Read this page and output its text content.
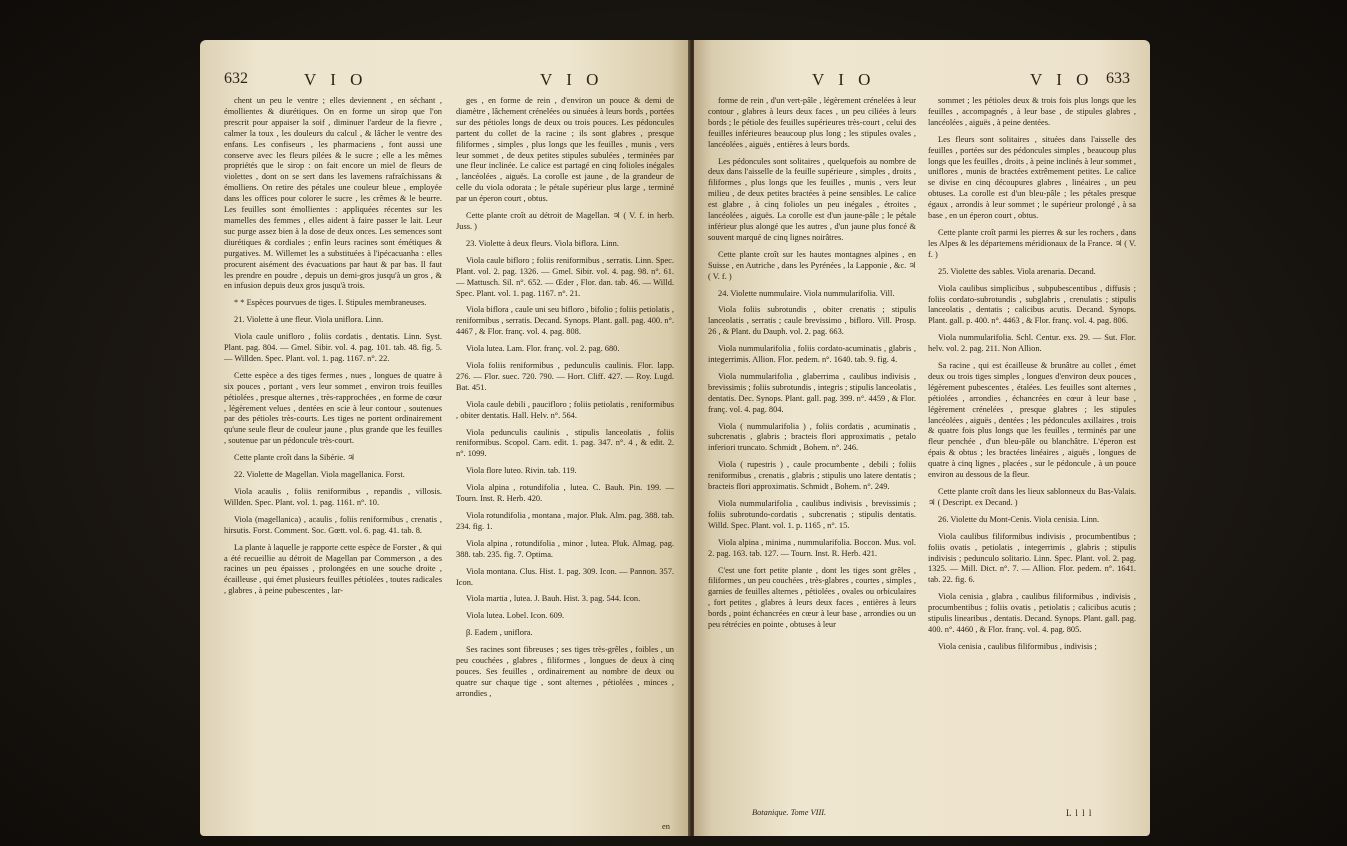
632	V I O	V I O

chent un peu le ventre ; elles deviennent , en séchant , émollientes & diurétiques. On en forme un sirop que l'on prescrit pour appaiser la soif , diminuer l'ardeur de la fievre , calmer la toux , les douleurs du calcul , & lâcher le ventre des enfans. Les confiseurs , les pharmaciens , font aussi une conserve avec les fleurs pilées & le sucre ; elle a les mêmes propriétés que le sirop : on fait encore un miel de fleurs de violettes , dont on se sert dans les lavemens rafraîchissans & émolliens. On retire des pétales une couleur bleue , employée dans les offices pour colorer le sucre , les crêmes & le beurre. Les feuilles sont émollientes : appliquées récentes sur les mamelles des femmes , elles aident à faire passer le lait. Leur suc purge assez bien à la dose de deux onces. Les semences sont diurétiques & cordiales ; enfin leurs racines sont émétiques & purgatives. M. Willemet les a substituées à l'ipécacuanha : elles procurent aisément des évacuations par haut & par bas. Il faut les prendre en poudre , depuis un demi-gros jusqu'à un gros , & en infusion depuis deux gros jusqu'à trois.

* * Espèces pourvues de tiges. I. Stipules membraneuses.

21. Violette à une fleur. Viola uniflora. Linn.

Viola caule unifloro , foliis cordatis , dentatis. Linn. Syst. Plant. pag. 804. — Gmel. Sibir. vol. 4. pag. 101. tab. 48. fig. 5. — Willden. Spec. Plant. vol. 1. pag. 1167. n°. 22.

Cette espèce a des tiges fermes , nues , longues de quatre à six pouces , portant , vers leur sommet , environ trois feuilles pétiolées , presque alternes , très-rapprochées , en forme de cœur , légèrement velues , dentées en scie à leur contour , soutenues par des pétioles très-courts. Les tiges ne portent ordinairement qu'une seule fleur de couleur jaune , plus grande que les feuilles , soutenue par un pédoncule très-court.

Cette plante croît dans la Sibérie. ♃

22. Violette de Magellan. Viola magellanica. Forst.

Viola acaulis , foliis reniformibus , repandis , villosis. Willden. Spec. Plant. vol. 1. pag. 1161. n°. 10.

Viola (magellanica) , acaulis , foliis reniformibus , crenatis , hirsutis. Forst. Comment. Soc. Gœtt. vol. 6. pag. 41. tab. 8.

La plante à laquelle je rapporte cette espèce de Forster , & qui a été recueillie au détroit de Magellan par Commerson , a des racines un peu épaisses , prolongées en une souche droite , écailleuse , qui émet plusieurs feuilles pétiolées , toutes radicales , glabres , à peine pubescentes , lar-

ges , en forme de rein , d'environ un pouce & demi de diamètre , lâchement crénelées ou sinuées à leurs bords , portées sur des pétioles longs de deux ou trois pouces. Les pédoncules partent du collet de la racine ; ils sont glabres , presque filiformes , simples , plus longs que les feuilles , munis , vers leur sommet , de deux petites stipules subulées , terminées par une fleur inclinée. Le calice est partagé en cinq folioles inégales , lancéolées , aiguës. La corolle est jaune , de la grandeur de celle du viola odorata ; le pétale supérieur plus large , terminé par un éperon court , obtus.

Cette plante croît au détroit de Magellan. ♃ ( V. f. in herb. Juss. )

23. Violette à deux fleurs. Viola biflora. Linn.

Viola caule bifloro ; foliis reniformibus , serratis. Linn. Spec. Plant. vol. 2. pag. 1326. — Gmel. Sibir. vol. 4. pag. 98. n°. 61. — Mattusch. Sil. n°. 652. — Œder , Flor. dan. tab. 46. — Willd. Spec. Plant. vol. 1. pag. 1167. n°. 21.

Viola biflora , caule uni seu bifloro , bifolio ; foliis petiolatis , reniformibus , serratis. Decand. Synops. Plant. gall. pag. 400. n°. 4467 , & Flor. franç. vol. 4. pag. 808.

Viola lutea. Lam. Flor. franç. vol. 2. pag. 680.

Viola foliis reniformibus , pedunculis caulinis. Flor. lapp. 276. — Flor. suec. 720. 790. — Hort. Cliff. 427. — Roy. Lugd. Bat. 451.

Viola caule debili , paucifloro ; foliis petiolatis , reniformibus , obiter dentatis. Hall. Helv. n°. 564.

Viola pedunculis caulinis , stipulis lanceolatis , foliis reniformibus. Scopol. Carn. edit. 1. pag. 347. n°. 4 , & edit. 2. n°. 1099.

Viola flore luteo. Rivin. tab. 119.

Viola alpina , rotundifolia , lutea. C. Bauh. Pin. 199. — Tourn. Inst. R. Herb. 420.

Viola rotundifolia , montana , major. Pluk. Alm. pag. 388. tab. 234. fig. 1.

Viola alpina , rotundifolia , minor , lutea. Pluk. Almag. pag. 388. tab. 235. fig. 7. Optima.

Viola montana. Clus. Hist. 1. pag. 309. Icon. — Pannon. 357. Icon.

Viola martia , lutea. J. Bauh. Hist. 3. pag. 544. Icon.

Viola lutea. Lobel. Icon. 609.

β. Eadem , uniflora.

Ses racines sont fibreuses ; ses tiges très-grêles , foibles , un peu couchées , glabres , filiformes , longues de deux à cinq pouces. Ses feuilles , ordinairement au nombre de deux ou quatre sur chaque tige , sont alternes , pétiolées , minces , arrondies ,

en
V I O	V I O 633

forme de rein , d'un vert-pâle , légèrement crénelées à leur contour , glabres à leurs deux faces , un peu ciliées à leurs bords ; le pétiole des feuilles supérieures très-court , celui des feuilles inférieures beaucoup plus long ; les stipules ovales , lancéolées , aiguës , entières à leurs bords.

Les pédoncules sont solitaires , quelquefois au nombre de deux dans l'aisselle de la feuille supérieure , simples , droits , filiformes , plus longs que les feuilles , munis , vers leur milieu , de deux petites bractées à peine sensibles. Le calice est glabre , à cinq folioles un peu inégales , étroites , lancéolées , aiguës. La corolle est d'un jaune-pâle ; le pétale inférieur plus alongé que les autres , d'un jaune plus foncé & souvent marqué de cinq lignes noirâtres.

Cette plante croît sur les hautes montagnes alpines , en Suisse , en Autriche , dans les Pyrénées , la Lapponie , &c. ♃ ( V. f. )

24. Violette nummulaire. Viola nummularifolia. Vill.

Viola foliis subrotundis , obiter crenatis ; stipulis lanceolatis , serratis ; caule brevissimo , bifloro. Vill. Prosp. 26 , & Plant. du Dauph. vol. 2. pag. 663.

Viola nummularifolia , foliis cordato-acuminatis , glabris , integerrimis. Allion. Flor. pedem. n°. 1640. tab. 9. fig. 4.

Viola nummularifolia , glaberrima , caulibus indivisis , brevissimis ; foliis subrotundis , integris ; stipulis lanceolatis , dentatis. Dec. Synops. Plant. gall. pag. 399. n°. 4459 , & Flor. franç. vol. 4. pag. 804.

Viola ( nummularifolia ) , foliis cordatis , acuminatis , subcrenatis , glabris ; bracteis flori approximatis , petalo inferiori truncato. Schmidt , Bohem. n°. 246.

Viola ( rupestris ) , caule procumbente , debili ; foliis reniformibus , crenatis , glabris ; stipulis uno latere dentatis ; bracteis flori approximatis. Schmidt , Bohem. n°. 249.

Viola nummularifolia , caulibus indivisis , brevissimis ; foliis subrotundo-cordatis , subcrenatis ; stipulis dentatis. Willd. Spec. Plant. vol. 1. p. 1165 , n°. 15.

Viola alpina , minima , nummularifolia. Boccon. Mus. vol. 2. pag. 163. tab. 127. — Tourn. Inst. R. Herb. 421.

C'est une fort petite plante , dont les tiges sont grêles , filiformes , un peu couchées , très-glabres , courtes , simples , garnies de feuilles alternes , pétiolées , ovales ou orbiculaires , fort petites , glabres à leurs deux faces , entières à leurs bords , point échancrées en cœur à leur base , arrondies ou un peu rétrécies en pointe , obtuses à leur

sommet ; les pétioles deux & trois fois plus longs que les feuilles , accompagnés , à leur base , de stipules glabres , lancéolées , aiguës , à peine dentées.

Les fleurs sont solitaires , situées dans l'aisselle des feuilles , portées sur des pédoncules simples , beaucoup plus longs que les feuilles , droits , à peine inclinés à leur sommet , uniflores , munis de bractées extrêmement petites. Le calice se divise en cinq découpures glabres , linéaires , un peu obtuses. La corolle est d'un bleu-pâle ; les pétales presque égaux , arrondis à leur sommet ; le supérieur prolongé , à sa base , en un éperon court , obtus.

Cette plante croît parmi les pierres & sur les rochers , dans les Alpes & les départemens méridionaux de la France. ♃ ( V. f. )

25. Violette des sables. Viola arenaria. Decand.

Viola caulibus simplicibus , subpubescentibus , diffusis ; foliis cordato-subrotundis , subglabris , crenulatis ; stipulis lanceolatis , dentatis ; calicibus acutis. Decand. Synops. Plant. gall. p. 400. n°. 4463 , & Flor. franç. vol. 4. pag. 806.

Viola nummularifolia. Schl. Centur. exs. 29. — Sut. Flor. helv. vol. 2. pag. 211. Non Allion.

Sa racine , qui est écailleuse & brunâtre au collet , émet deux ou trois tiges simples , longues d'environ deux pouces , légèrement pubescentes , étalées. Les feuilles sont alternes , pétiolées , arrondies , échancrées en cœur à leur base , légèrement crénelées , presque glabres ; les stipules lancéolées , aiguës , dentées ; les pédoncules axillaires , trois & quatre fois plus longs que les feuilles , terminés par une fleur penchée , d'un bleu-pâle ou blanchâtre. L'éperon est épais & obtus ; les bractées linéaires , aiguës , longues de quatre à cinq lignes , placées , sur le pédoncule , à un pouce environ au dessous de la fleur.

Cette plante croît dans les lieux sablonneux du Bas-Valais. ♃ ( Descript. ex Decand. )

26. Violette du Mont-Cenis. Viola cenisia. Linn.

Viola caulibus filiformibus indivisis , procumbentibus ; foliis ovatis , petiolatis , integerrimis , glabris ; stipulis indivisis ; pedunculo solitario. Linn. Spec. Plant. vol. 2. pag. 1325. — Mill. Dict. n°. 7. — Allion. Flor. pedem. n°. 1641. tab. 22. fig. 6.

Viola cenisia , glabra , caulibus filiformibus , indivisis , procumbentibus ; foliis ovatis , petiolatis ; calicibus acutis ; stipulis linearibus , dentatis. Decand. Synops. Plant. gall. pag. 400. n°. 4460 , & Flor. franç. vol. 4. pag. 805.

Viola cenisia , caulibus filiformibus , indivisis ;

Botanique. Tome VIII.	L l l l
